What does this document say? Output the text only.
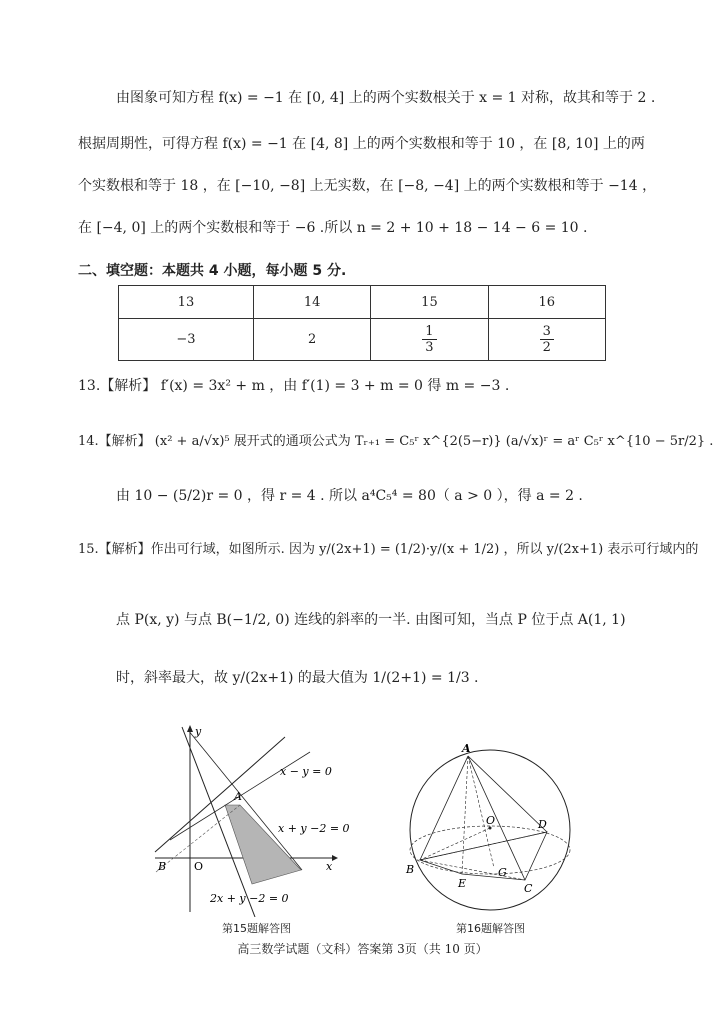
由图象可知方程 f(x) = −1 在 [0, 4] 上的两个实数根关于 x = 1 对称，故其和等于 2 .
根据周期性，可得方程 f(x) = −1 在 [4, 8] 上的两个实数根和等于 10 ，在 [8, 10] 上的两
个实数根和等于 18 ，在 [−10, −8] 上无实数，在 [−8, −4] 上的两个实数根和等于 −14 ，
在 [−4, 0] 上的两个实数根和等于 −6 .所以 n = 2 + 10 + 18 − 14 − 6 = 10 .
二、填空题：本题共 4 小题，每小题 5 分.
13	14	15	16
−3	2	$\frac{1}{3}$	$\frac{3}{2}$
13.【解析】 f′(x) = 3x² + m ，由 f′(1) = 3 + m = 0 得 m = −3 .
14.【解析】 (x² + a/√x)⁵ 展开式的通项公式为 Tᵣ₊₁ = C₅ʳ x^{2(5−r)} (a/√x)ʳ = aʳ C₅ʳ x^{10 − 5r/2} .
由 10 − (5/2)r = 0 ，得 r = 4 . 所以 a⁴C₅⁴ = 80（ a > 0 ），得 a = 2 .
15.【解析】作出可行域，如图所示. 因为 y/(2x+1) = (1/2)·y/(x + 1/2) ，所以 y/(2x+1) 表示可行域内的
点 P(x, y) 与点 B(−1/2, 0) 连线的斜率的一半. 由图可知，当点 P 位于点 A(1, 1)
时，斜率最大，故 y/(2x+1) 的最大值为 1/(2+1) = 1/3 .
y
x
O
A
B
x − y = 0
x + y −2 = 0
2x + y −2 = 0
第15题解答图
A
B
C
D
E
G
O
第16题解答图
高三数学试题（文科）答案第 3页（共 10 页）
